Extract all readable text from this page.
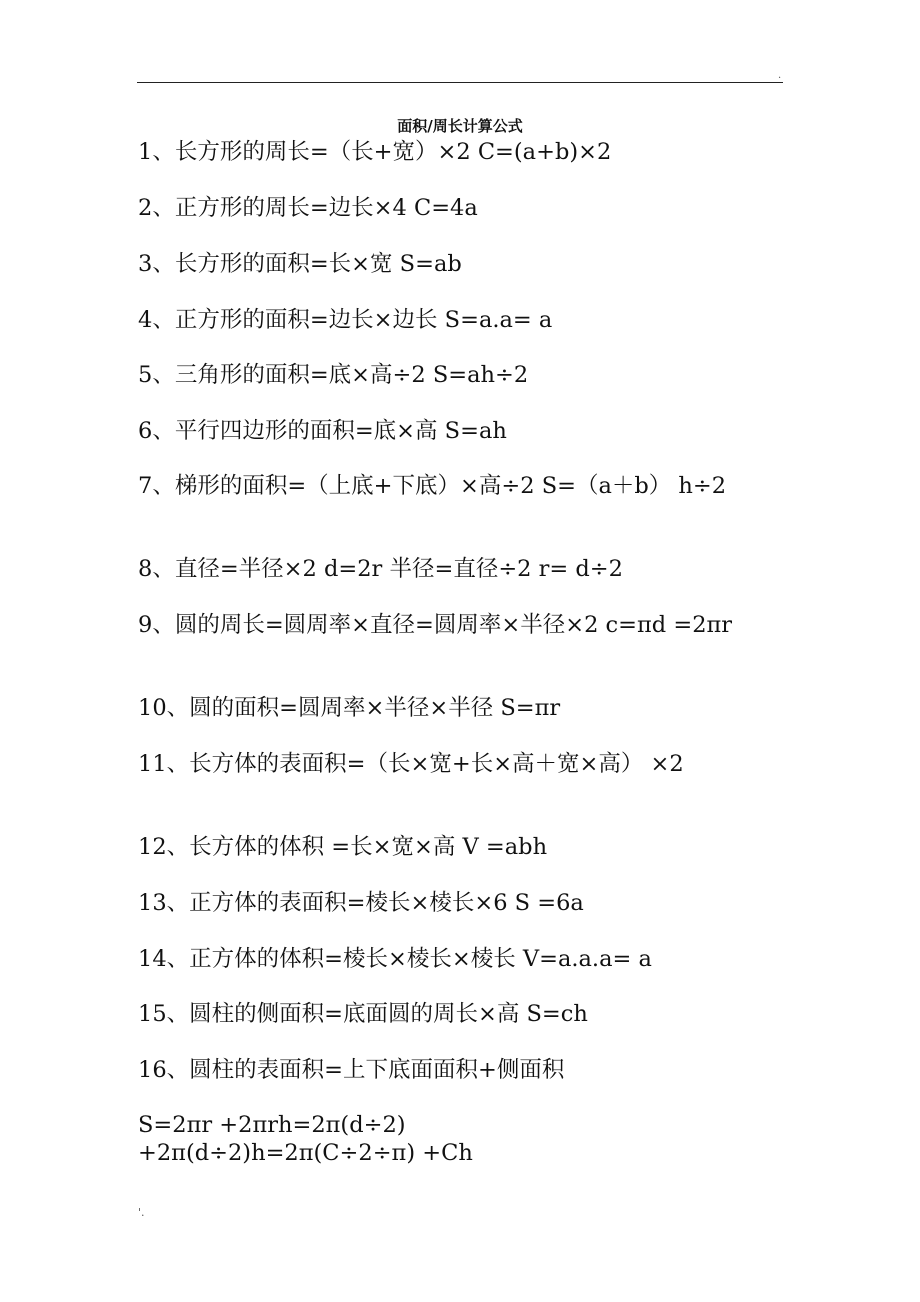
.
面积/周长计算公式

1、长方形的周长=（长+宽）×2 C=(a+b)×2

2、正方形的周长=边长×4 C=4a

3、长方形的面积=长×宽 S=ab

4、正方形的面积=边长×边长 S=a.a= a

5、三角形的面积=底×高÷2 S=ah÷2

6、平行四边形的面积=底×高 S=ah

7、梯形的面积=（上底+下底）×高÷2 S=（a＋b） h÷2

8、直径=半径×2 d=2r 半径=直径÷2 r= d÷2

9、圆的周长=圆周率×直径=圆周率×半径×2 c=πd =2πr

10、圆的面积=圆周率×半径×半径 S=πr

11、长方体的表面积=（长×宽+长×高＋宽×高） ×2

12、长方体的体积 =长×宽×高 V =abh

13、正方体的表面积=棱长×棱长×6 S =6a

14、正方体的体积=棱长×棱长×棱长 V=a.a.a= a

15、圆柱的侧面积=底面圆的周长×高 S=ch

16、圆柱的表面积=上下底面面积+侧面积

S=2πr +2πrh=2π(d÷2)

+2π(d÷2)h=2π(C÷2÷π) +Ch

'.
